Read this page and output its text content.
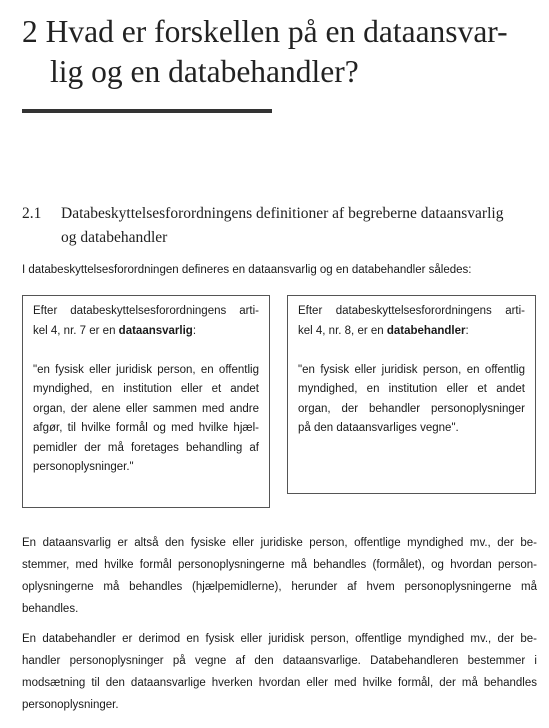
2 Hvad er forskellen på en dataansvar-
lig og en databehandler?
2.1	Databeskyttelsesforordningens definitioner af begreberne dataansvarlig
og databehandler
I databeskyttelsesforordningen defineres en dataansvarlig og en databehandler således:

Efter databeskyttelsesforordningens arti-

kel 4, nr. 7 er en dataansvarlig:

"en fysisk eller juridisk person, en offentlig

myndighed, en institution eller et andet

organ, der alene eller sammen med andre

afgør, til hvilke formål og med hvilke hjæl-

pemidler der må foretages behandling af

personoplysninger."

Efter databeskyttelsesforordningens arti-

kel 4, nr. 8, er en databehandler:

"en fysisk eller juridisk person, en offentlig

myndighed, en institution eller et andet

organ, der behandler personoplysninger

på den dataansvarliges vegne".

En dataansvarlig er altså den fysiske eller juridiske person, offentlige myndighed mv., der be-
stemmer, med hvilke formål personoplysningerne må behandles (formålet), og hvordan person-
oplysningerne må behandles (hjælpemidlerne), herunder af hvem personoplysningerne må
behandles.
En databehandler er derimod en fysisk eller juridisk person, offentlige myndighed mv., der be-
handler personoplysninger på vegne af den dataansvarlige. Databehandleren bestemmer i
modsætning til den dataansvarlige hverken hvordan eller med hvilke formål, der må behandles
personoplysninger.
